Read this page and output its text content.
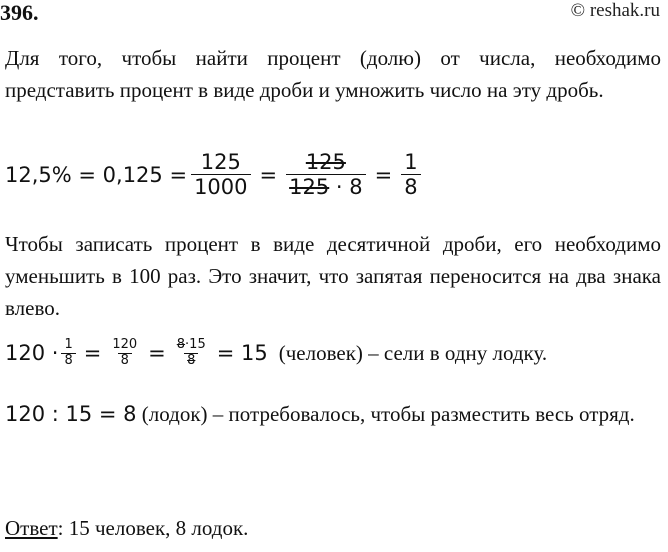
396.	© reshak.ru
Для того, чтобы найти процент (долю) от числа, необходимо представить процент в виде дроби и умножить число на эту дробь.
$12,5\% = 0,125 = \frac{125}{1000} = \frac{125}{125 \cdot 8} = \frac{1}{8}$
Чтобы записать процент в виде десятичной дроби, его необходимо уменьшить в 100 раз. Это значит, что запятая переносится на два знака влево.
$120 \cdot \frac{1}{8} = \frac{120}{8} = \frac{8\cdot 15}{8} = 15$ (человек) – сели в одну лодку.
120 : 15 = 8 (лодок) – потребовалось, чтобы разместить весь отряд.
Ответ: 15 человек, 8 лодок.
